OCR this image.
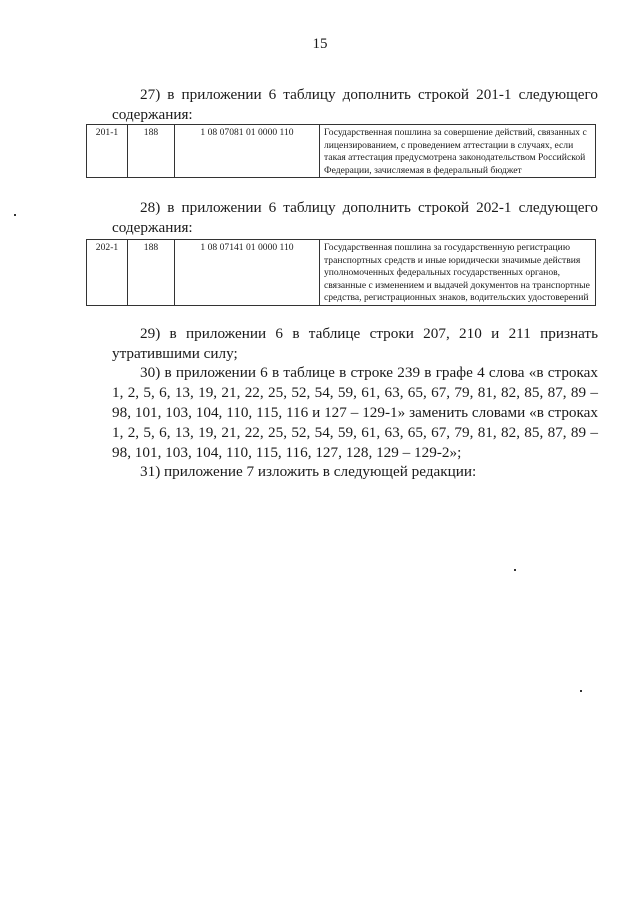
15

27) в приложении 6 таблицу дополнить строкой 201-1 следующего содержания:

201-1	188	1 08 07081 01 0000 110	Государственная пошлина за совершение действий, связанных с лицензированием, с проведением аттестации в случаях, если такая аттестация предусмотрена законодательством Российской Федерации, зачисляемая в федеральный бюджет

28) в приложении 6 таблицу дополнить строкой 202-1 следующего содержания:

202-1	188	1 08 07141 01 0000 110	Государственная пошлина за государственную регистрацию транспортных средств и иные юридически значимые действия уполномоченных федеральных государственных органов, связанные с изменением и выдачей документов на транспортные средства, регистрационных знаков, водительских удостоверений

29) в приложении 6 в таблице строки 207, 210 и 211 признать утратившими силу;

30) в приложении 6 в таблице в строке 239 в графе 4 слова «в строках 1, 2, 5, 6, 13, 19, 21, 22, 25, 52, 54, 59, 61, 63, 65, 67, 79, 81, 82, 85, 87, 89 – 98, 101, 103, 104, 110, 115, 116 и 127 – 129-1» заменить словами «в строках 1, 2, 5, 6, 13, 19, 21, 22, 25, 52, 54, 59, 61, 63, 65, 67, 79, 81, 82, 85, 87, 89 – 98, 101, 103, 104, 110, 115, 116, 127, 128, 129 – 129-2»;

31) приложение 7 изложить в следующей редакции:
